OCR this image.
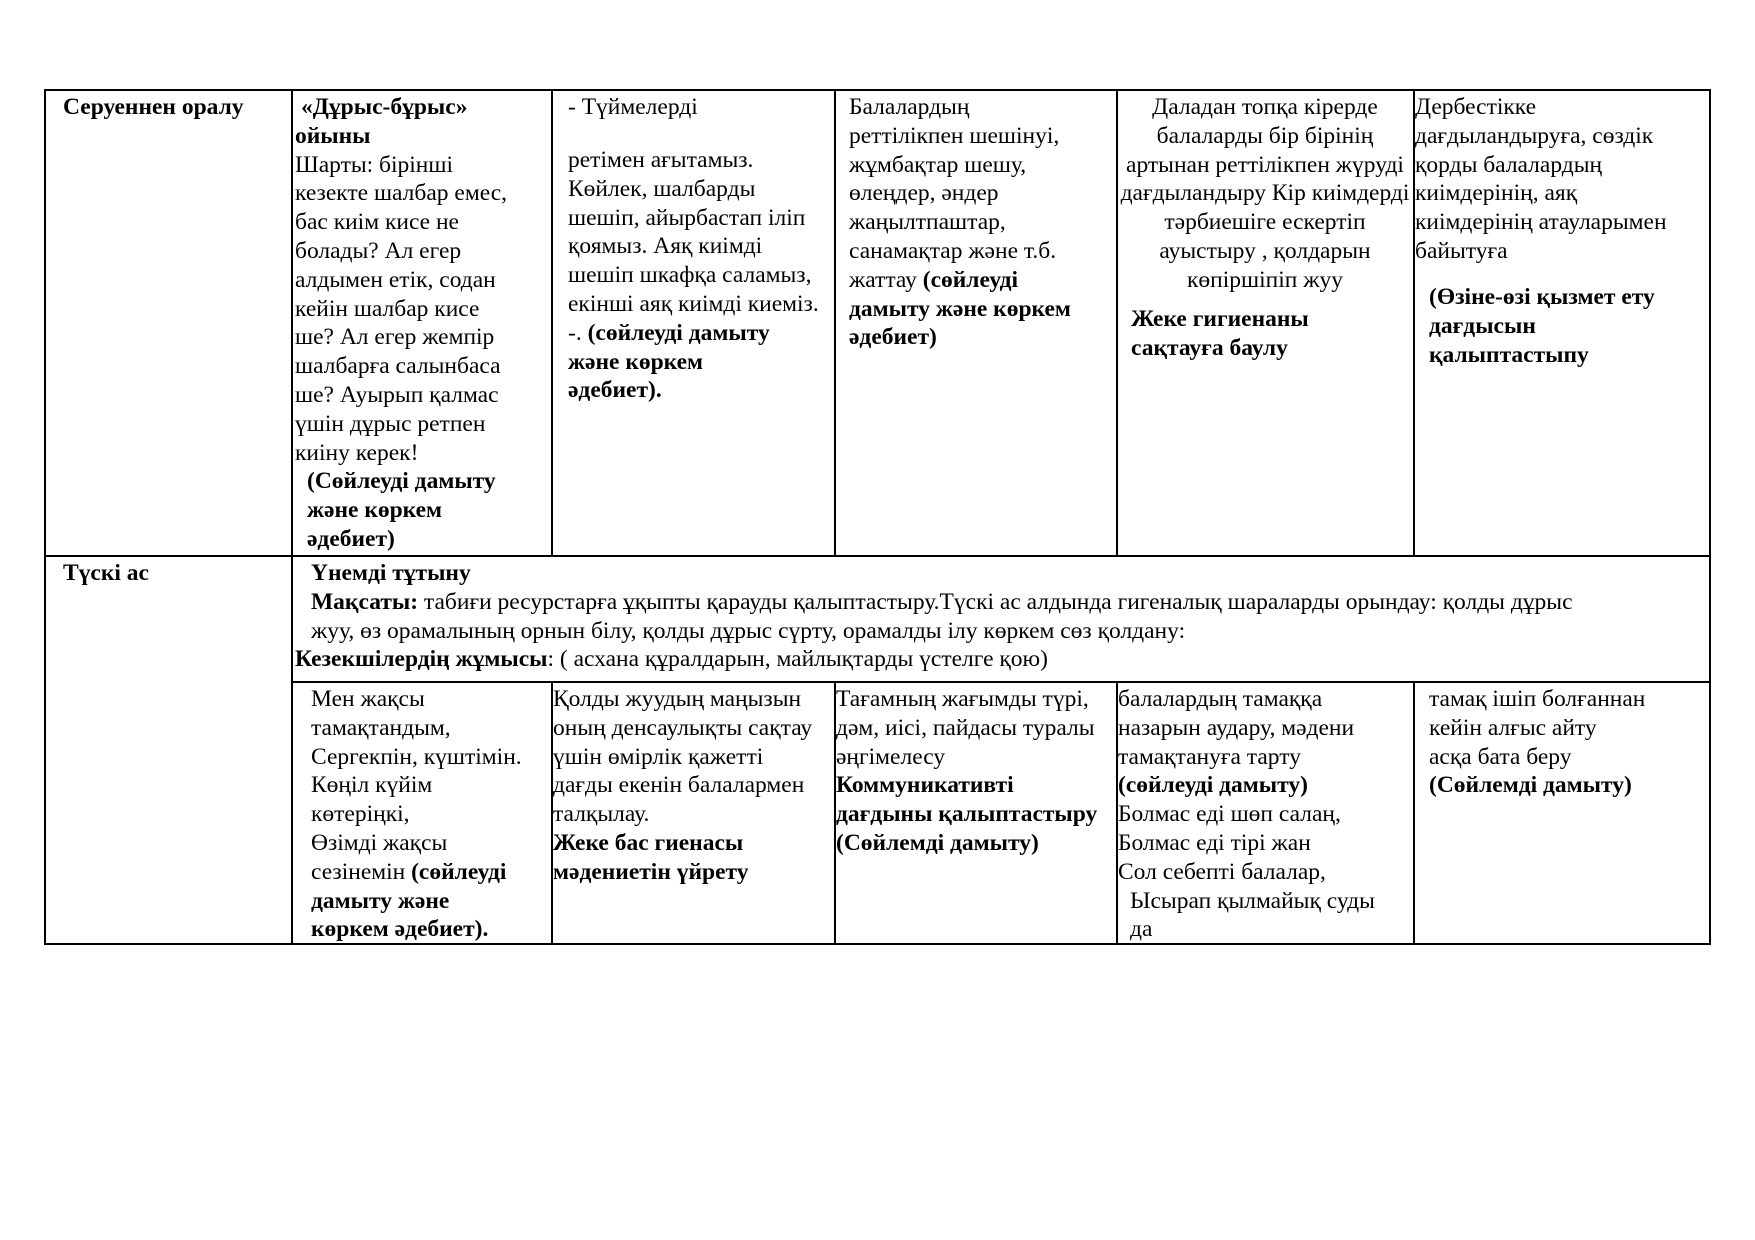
Серуеннен оралу
Түскі ас

«Дұрыс-бұрыс»

ойыны

Шарты: бірінші

кезекте шалбар емес,

бас киім кисе не

болады? Ал егер

алдымен етік, содан

кейін шалбар кисе

ше? Ал егер жемпір

шалбарға салынбаса

ше? Ауырып қалмас

үшін дұрыс ретпен

киіну керек!

(Сөйлеуді дамыту

және көркем

әдебиет)

- Түймелерді

ретімен ағытамыз.

Көйлек, шалбарды

шешіп, айырбастап іліп

қоямыз. Аяқ киімді

шешіп шкафқа саламыз,

екінші аяқ киімді киеміз.

-. (сөйлеуді дамыту

және көркем

әдебиет).

Балалардың

реттілікпен шешінуі,

жұмбақтар шешу,

өлеңдер, әндер

жаңылтпаштар,

санамақтар және т.б.

жаттау (сөйлеуді

дамыту және көркем

әдебиет)

Даладан топқа кірерде

балаларды бір бірінің

артынан реттілікпен жүруді

дағдыландыру Кір киімдерді

тәрбиешіге ескертіп

ауыстыру , қолдарын

көпіршіпіп жуу

Жеке гигиенаны

сақтауға баулу

Дербестікке

дағдыландыруға, сөздік

қорды балалардың

киімдерінің, аяқ

киімдерінің атауларымен

байытуға

(Өзіне-өзі қызмет ету

дағдысын

қалыптастыпу

Үнемді тұтыну

Мақсаты: табиғи ресурстарға ұқыпты қарауды қалыптастыру.Түскі ас алдында гигеналық шараларды орындау: қолды дұрыс

жуу, өз орамалының орнын білу, қолды дұрыс сүрту, орамалды ілу көркем сөз қолдану:

Кезекшілердің жұмысы: ( асхана құралдарын, майлықтарды үстелге қою)

Мен жақсы

тамақтандым,

Сергекпін, күштімін.

Көңіл күйім

көтеріңкі,

Өзімді жақсы

сезінемін (сөйлеуді

дамыту және

көркем әдебиет).

Қолды жуудың маңызын

оның денсаулықты сақтау

үшін өмірлік қажетті

дағды екенін балалармен

талқылау.

Жеке бас гиенасы

мәдениетін үйрету

Тағамның жағымды түрі,

дәм, иісі, пайдасы туралы

әңгімелесу

Коммуникативті

дағдыны қалыптастыру

(Сөйлемді дамыту)

балалардың тамаққа

назарын аудару, мәдени

тамақтануға тарту

(сөйлеуді дамыту)

Болмас еді шөп салаң,

Болмас еді тірі жан

Сол себепті балалар,

Ысырап қылмайық суды

да

тамақ ішіп болғаннан

кейін алғыс айту

асқа бата беру

(Сөйлемді дамыту)
